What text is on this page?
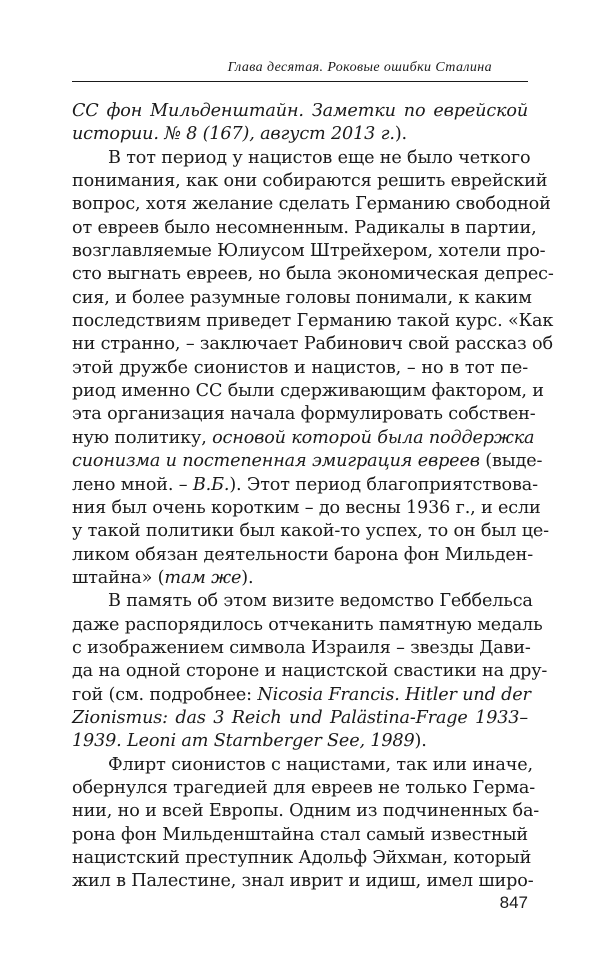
Глава десятая. Роковые ошибки Сталина
СС фон Мильденштайн. Заметки по еврейской
истории. № 8 (167), август 2013 г.).
В тот период у нацистов еще не было четкого
понимания, как они собираются решить еврейский
вопрос, хотя желание сделать Германию свободной
от евреев было несомненным. Радикалы в партии,
возглавляемые Юлиусом Штрейхером, хотели про-
сто выгнать евреев, но была экономическая депрес-
сия, и более разумные головы понимали, к каким
последствиям приведет Германию такой курс. «Как
ни странно, – заключает Рабинович свой рассказ об
этой дружбе сионистов и нацистов, – но в тот пе-
риод именно СС были сдерживающим фактором, и
эта организация начала формулировать собствен-
ную политику, основой которой была поддержка
сионизма и постепенная эмиграция евреев (выде-
лено мной. – В.Б.). Этот период благоприятствова-
ния был очень коротким – до весны 1936 г., и если
у такой политики был какой-то успех, то он был це-
ликом обязан деятельности барона фон Мильден-
штайна» (там же).
В память об этом визите ведомство Геббельса
даже распорядилось отчеканить памятную медаль
с изображением символа Израиля – звезды Дави-
да на одной стороне и нацистской свастики на дру-
гой (см. подробнее: Nicosia Francis. Hitler und der
Zionismus: das 3 Reich und Palästina-Frage 1933–
1939. Leoni am Starnberger See, 1989).
Флирт сионистов с нацистами, так или иначе,
обернулся трагедией для евреев не только Герма-
нии, но и всей Европы. Одним из подчиненных ба-
рона фон Мильденштайна стал самый известный
нацистский преступник Адольф Эйхман, который
жил в Палестине, знал иврит и идиш, имел широ-
847
